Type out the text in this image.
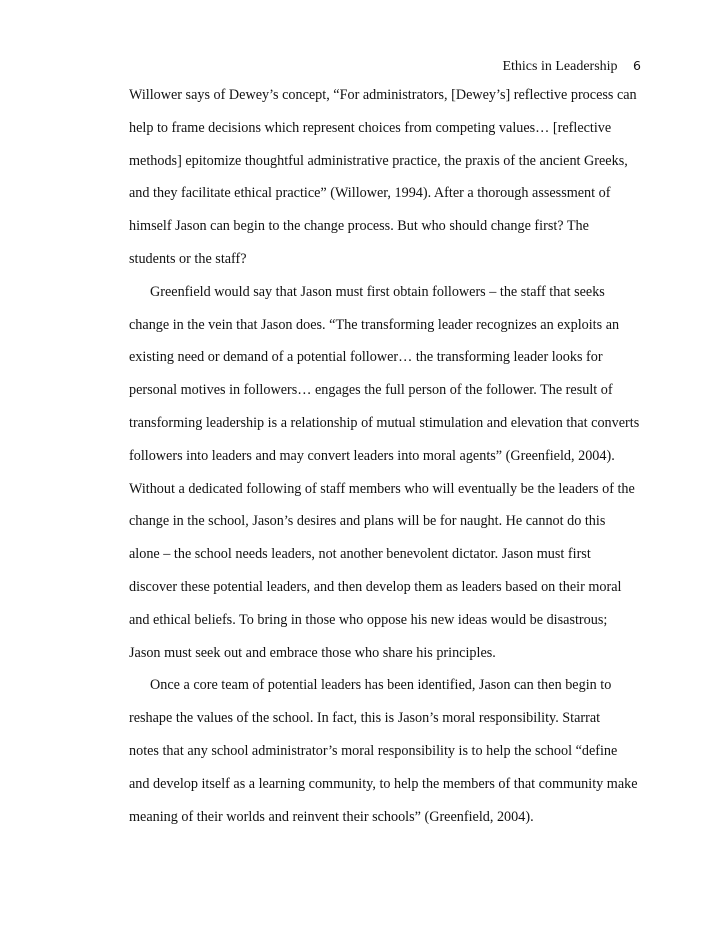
Ethics in Leadership 6
Willower says of Dewey’s concept, “For administrators, [Dewey’s] reflective process can
help to frame decisions which represent choices from competing values… [reflective
methods] epitomize thoughtful administrative practice, the praxis of the ancient Greeks,
and they facilitate ethical practice” (Willower, 1994). After a thorough assessment of
himself Jason can begin to the change process. But who should change first? The
students or the staff?
Greenfield would say that Jason must first obtain followers – the staff that seeks
change in the vein that Jason does. “The transforming leader recognizes an exploits an
existing need or demand of a potential follower… the transforming leader looks for
personal motives in followers… engages the full person of the follower. The result of
transforming leadership is a relationship of mutual stimulation and elevation that converts
followers into leaders and may convert leaders into moral agents” (Greenfield, 2004).
Without a dedicated following of staff members who will eventually be the leaders of the
change in the school, Jason’s desires and plans will be for naught. He cannot do this
alone – the school needs leaders, not another benevolent dictator. Jason must first
discover these potential leaders, and then develop them as leaders based on their moral
and ethical beliefs. To bring in those who oppose his new ideas would be disastrous;
Jason must seek out and embrace those who share his principles.
Once a core team of potential leaders has been identified, Jason can then begin to
reshape the values of the school. In fact, this is Jason’s moral responsibility. Starrat
notes that any school administrator’s moral responsibility is to help the school “define
and develop itself as a learning community, to help the members of that community make
meaning of their worlds and reinvent their schools” (Greenfield, 2004).
